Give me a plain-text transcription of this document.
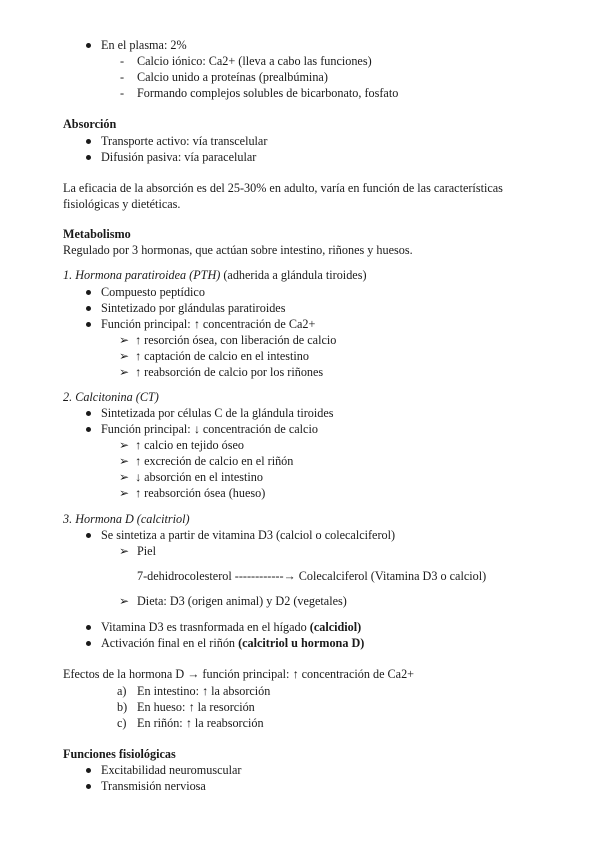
En el plasma: 2%
- Calcio iónico: Ca2+ (lleva a cabo las funciones)
- Calcio unido a proteínas (prealbúmina)
- Formando complejos solubles de bicarbonato, fosfato
Absorción
Transporte activo: vía transcelular
Difusión pasiva: vía paracelular
La eficacia de la absorción es del 25-30% en adulto, varía en función de las características
fisiológicas y dietéticas.
Metabolismo
Regulado por 3 hormonas, que actúan sobre intestino, riñones y huesos.
1. Hormona paratiroidea (PTH) (adherida a glándula tiroides)
Compuesto peptídico
Sintetizado por glándulas paratiroides
Función principal: ↑ concentración de Ca2+
➢ ↑ resorción ósea, con liberación de calcio
➢ ↑ captación de calcio en el intestino
➢ ↑ reabsorción de calcio por los riñones
2. Calcitonina (CT)
Sintetizada por células C de la glándula tiroides
Función principal: ↓ concentración de calcio
➢ ↑ calcio en tejido óseo
➢ ↑ excreción de calcio en el riñón
➢ ↓ absorción en el intestino
➢ ↑ reabsorción ósea (hueso)
3. Hormona D (calcitriol)
Se sintetiza a partir de vitamina D3 (calciol o colecalciferol)
➢ Piel
7-dehidrocolesterol ------------→ Colecalciferol (Vitamina D3 o calciol)
➢ Dieta: D3 (origen animal) y D2 (vegetales)
Vitamina D3 es trasnformada en el hígado (calcidiol)
Activación final en el riñón (calcitriol u hormona D)
Efectos de la hormona D → función principal: ↑ concentración de Ca2+
a) En intestino: ↑ la absorción
b) En hueso: ↑ la resorción
c) En riñón: ↑ la reabsorción
Funciones fisiológicas
Excitabilidad neuromuscular
Transmisión nerviosa
